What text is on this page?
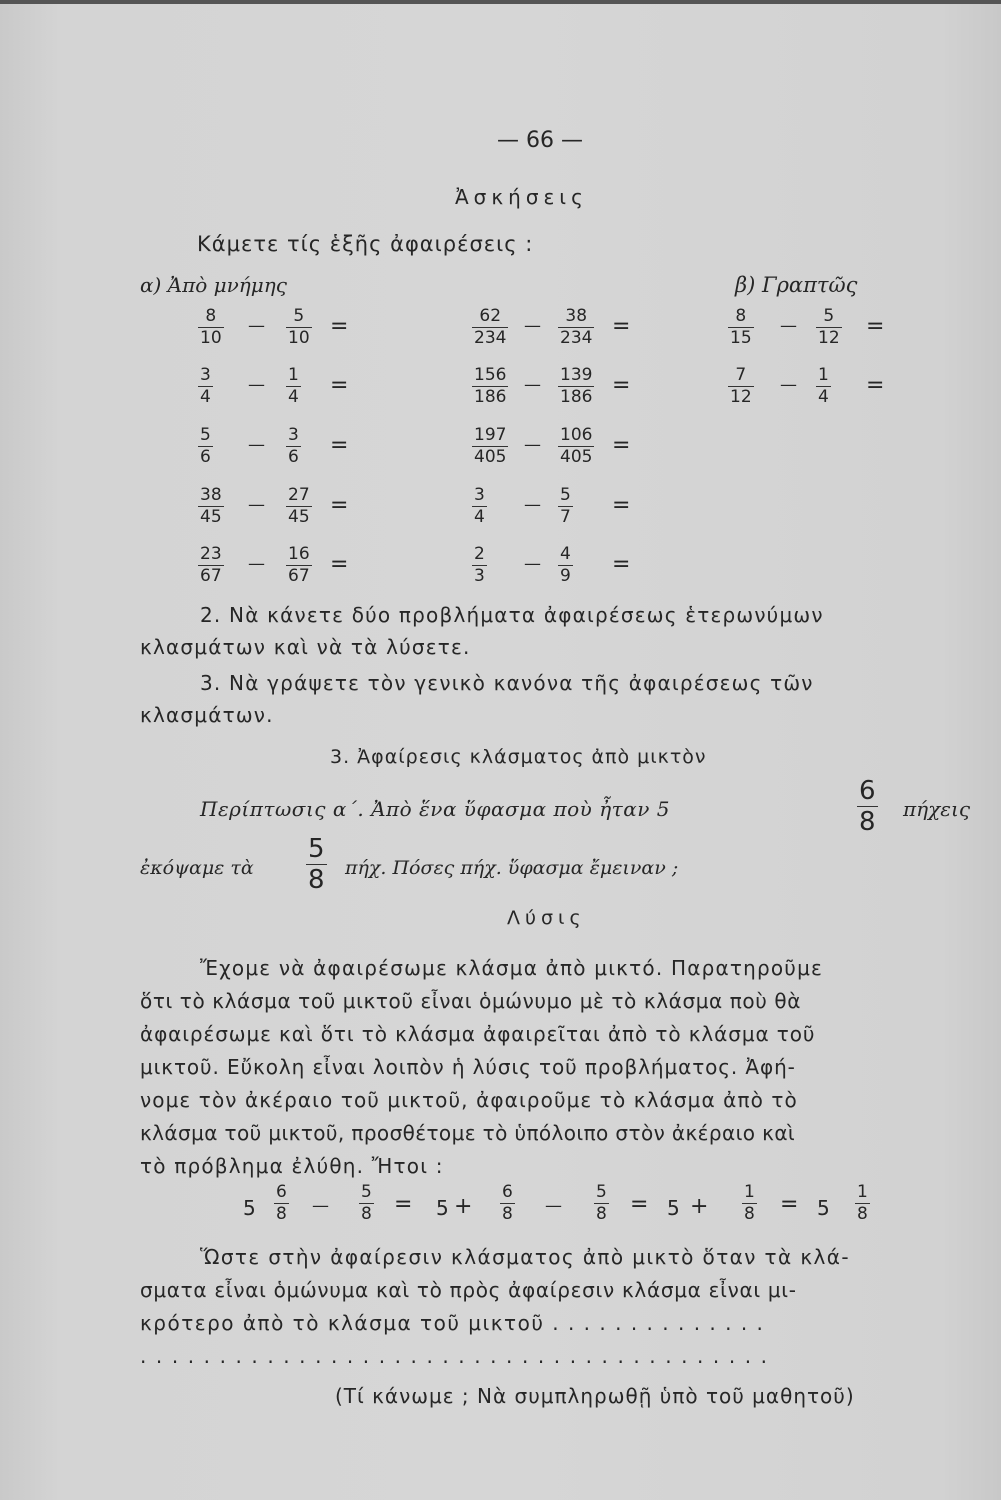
— 66 —
Ἀσκήσεις
Κάμετε τίς ἑξῆς ἀφαιρέσεις :
α) Ἀπὸ μνήμης	β) Γραπτῶς
8
10
— 5
10 =
3
4
— 1
4 =
5
6
— 3
6 =
38
45
— 27
45 =
23
67
— 16
67 =
62
234
— 38
234 =
156
186
— 139
186 =
197
405
— 106
405 =
3
4
— 5
7 =
2
3
— 4
9 =
8
15
— 5
12 =
7
12
— 1
4 =
2. Νὰ κάνετε δύο προβλήματα ἀφαιρέσεως ἑτερωνύμων
κλασμάτων καὶ νὰ τὰ λύσετε.
3. Νὰ γράψετε τὸν γενικὸ κανόνα τῆς ἀφαιρέσεως τῶν
κλασμάτων.
3. Ἀφαίρεσις κλάσματος ἀπὸ μικτὸν
Περίπτωσις α΄. Ἀπὸ ἕνα ὕφασμα ποὺ ἦταν 5
6
8 πήχεις
ἐκόψαμε τὰ
5
8 πήχ. Πόσες πήχ. ὕφασμα ἔμειναν ;
Λύσις
Ἔχομε νὰ ἀφαιρέσωμε κλάσμα ἀπὸ μικτό. Παρατηροῦμε
ὅτι τὸ κλάσμα τοῦ μικτοῦ εἶναι ὁμώνυμο μὲ τὸ κλάσμα ποὺ θὰ
ἀφαιρέσωμε καὶ ὅτι τὸ κλάσμα ἀφαιρεῖται ἀπὸ τὸ κλάσμα τοῦ
μικτοῦ. Εὔκολη εἶναι λοιπὸν ἡ λύσις τοῦ προβλήματος. Ἀφή-
νομε τὸν ἀκέραιο τοῦ μικτοῦ, ἀφαιροῦμε τὸ κλάσμα ἀπὸ τὸ
κλάσμα τοῦ μικτοῦ, προσθέτομε τὸ ὑπόλοιπο στὸν ἀκέραιο καὶ
τὸ πρόβλημα ἐλύθη. Ἤτοι :
5
6
8 —
5
8 = 5 +
6
8 —
5
8 = 5 +
1
8 = 5
1
8
Ὥστε στὴν ἀφαίρεσιν κλάσματος ἀπὸ μικτὸ ὅταν τὰ κλά-
σματα εἶναι ὁμώνυμα καὶ τὸ πρὸς ἀφαίρεσιν κλάσμα εἶναι μι-
κρότερο ἀπὸ τὸ κλάσμα τοῦ μικτοῦ . . . . . . . . . . . . . .
. . . . . . . . . . . . . . . . . . . . . . . . . . . . . . . . . . . . . . . .
(Τί κάνωμε ; Νὰ συμπληρωθῇ ὑπὸ τοῦ μαθητοῦ)
